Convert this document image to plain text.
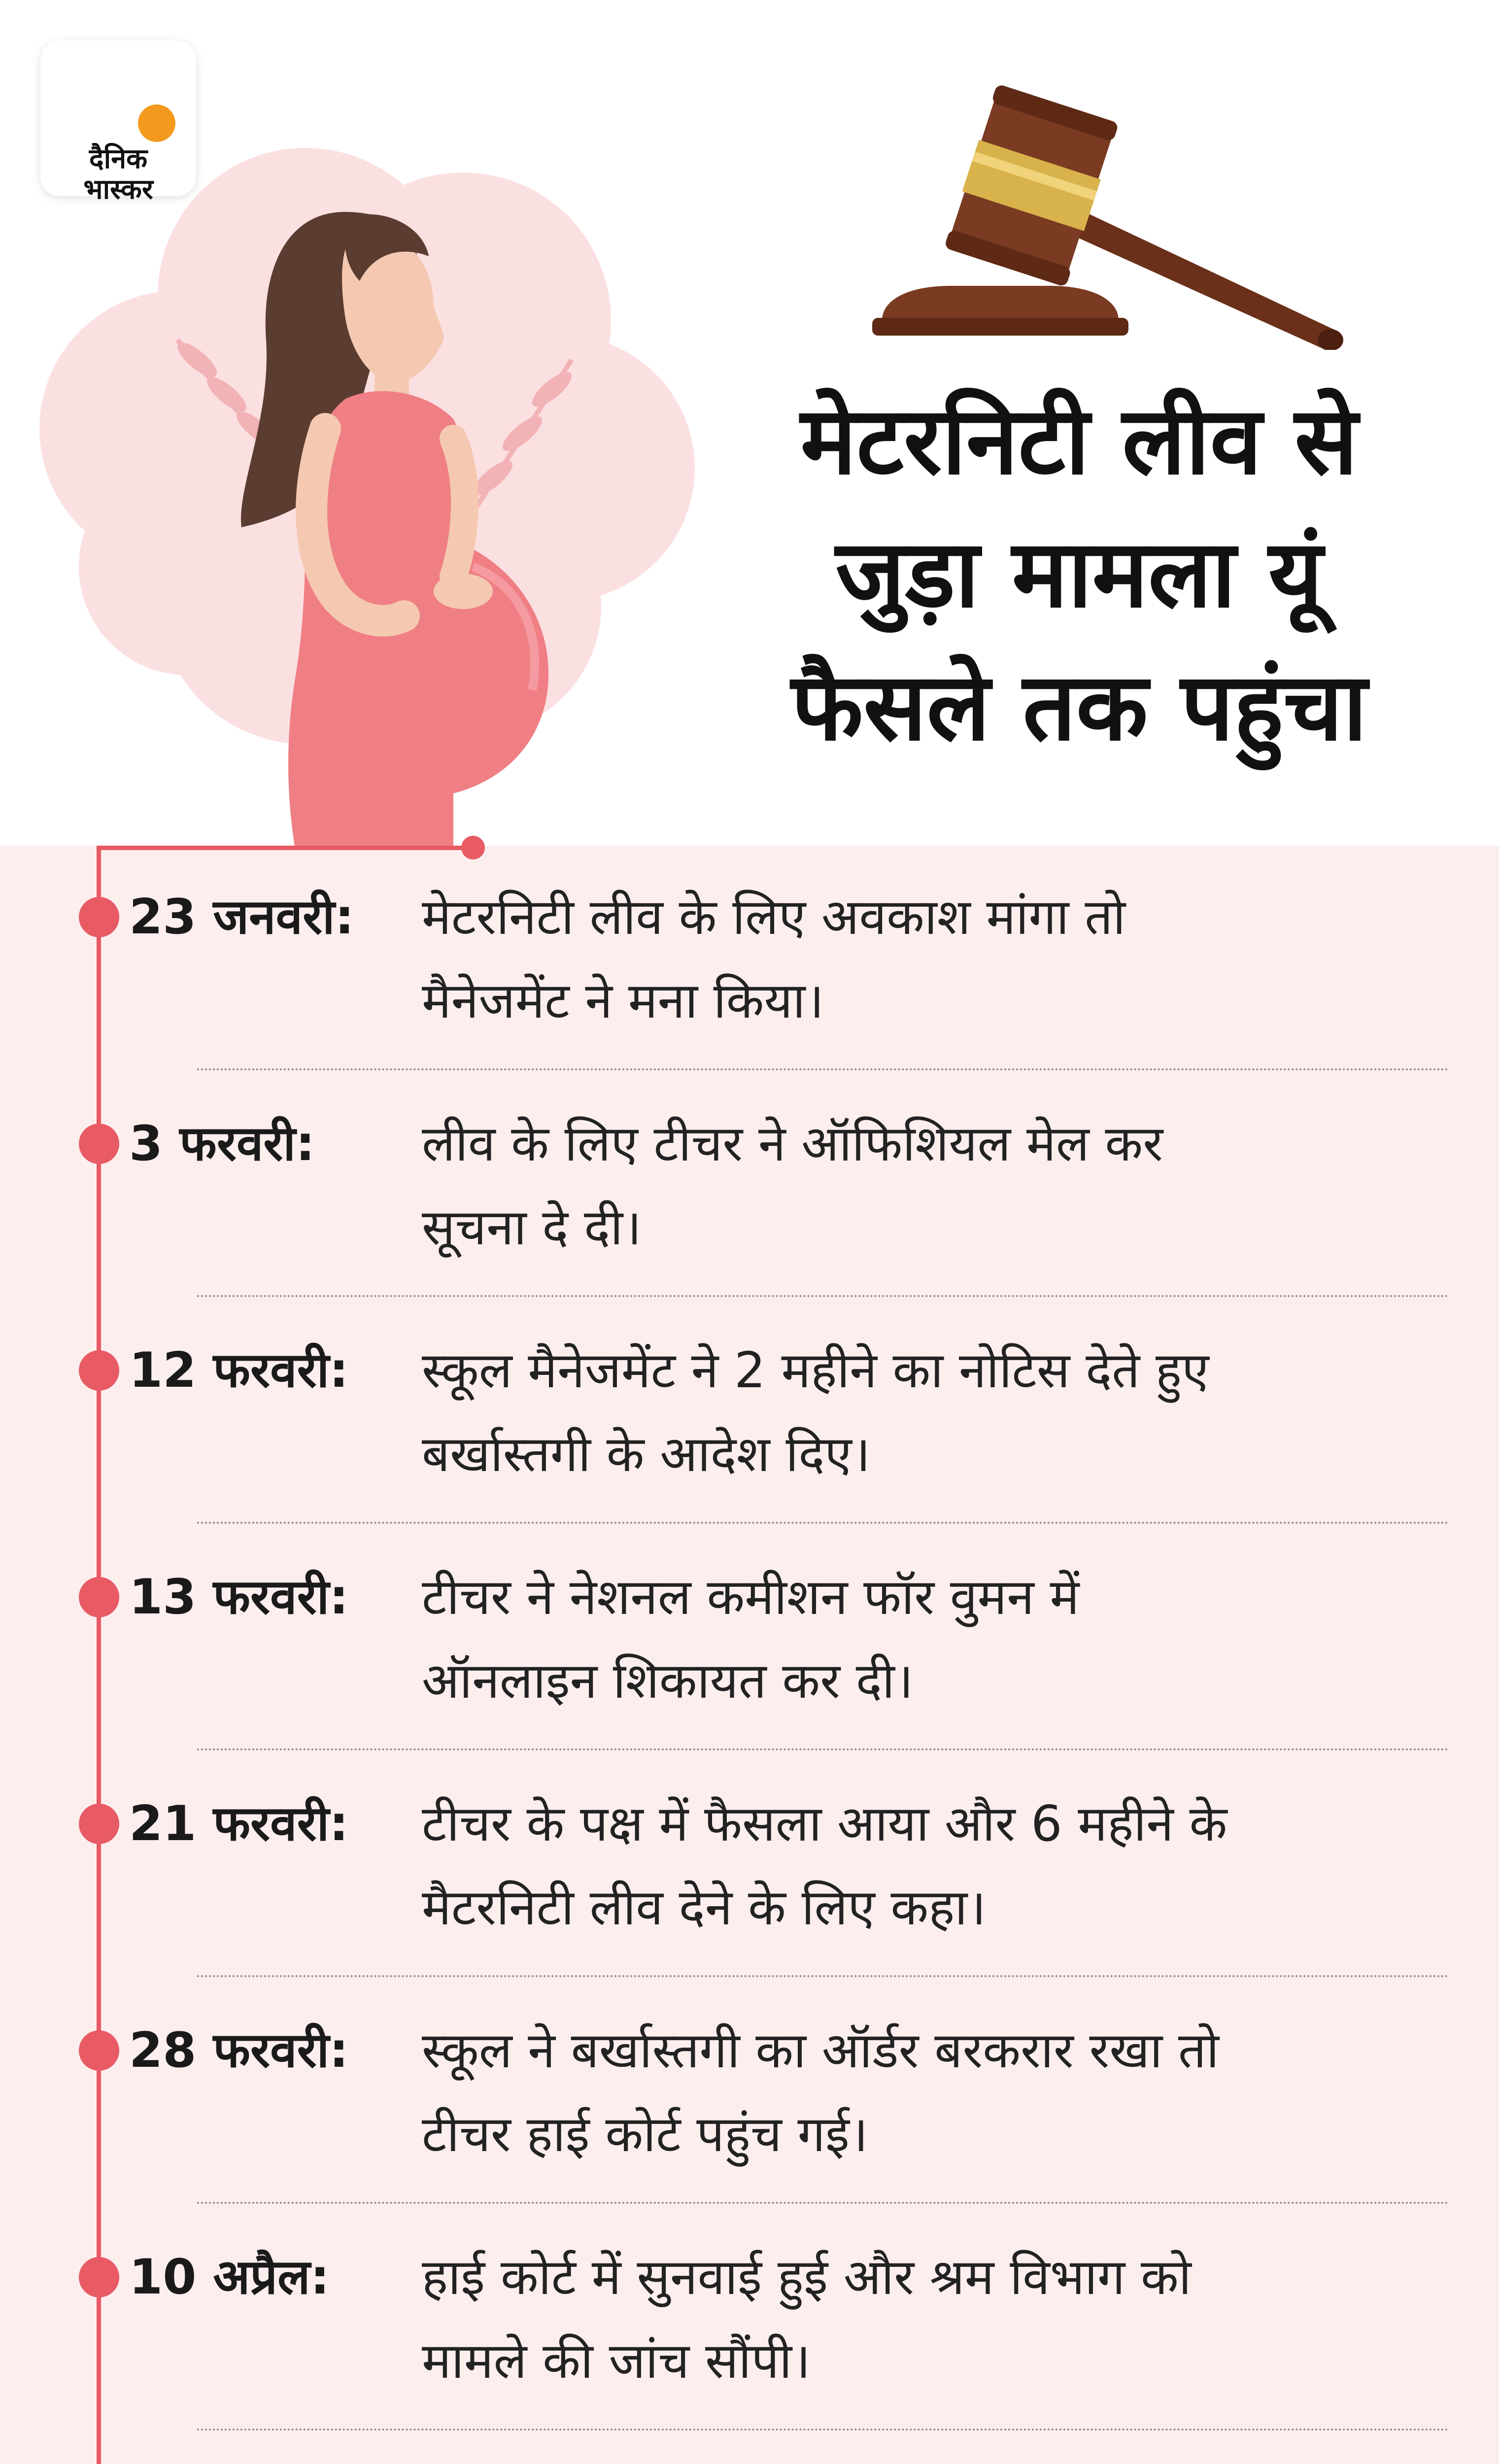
दैनिक
भास्कर
मेटरनिटी लीव से
जुड़ा मामला यूं
फैसले तक पहुंचा
23 जनवरी: मेटरनिटी लीव के लिए अवकाश मांगा तो
मैनेजमेंट ने मना किया।
3 फरवरी: लीव के लिए टीचर ने ऑफिशियल मेल कर
सूचना दे दी।
12 फरवरी: स्कूल मैनेजमेंट ने 2 महीने का नोटिस देते हुए
बर्खास्तगी के आदेश दिए।
13 फरवरी: टीचर ने नेशनल कमीशन फॉर वुमन में
ऑनलाइन शिकायत कर दी।
21 फरवरी: टीचर के पक्ष में फैसला आया और 6 महीने के
मैटरनिटी लीव देने के लिए कहा।
28 फरवरी: स्कूल ने बर्खास्तगी का ऑर्डर बरकरार रखा तो
टीचर हाई कोर्ट पहुंच गई।
10 अप्रैल: हाई कोर्ट में सुनवाई हुई और श्रम विभाग को
मामले की जांच सौंपी।
